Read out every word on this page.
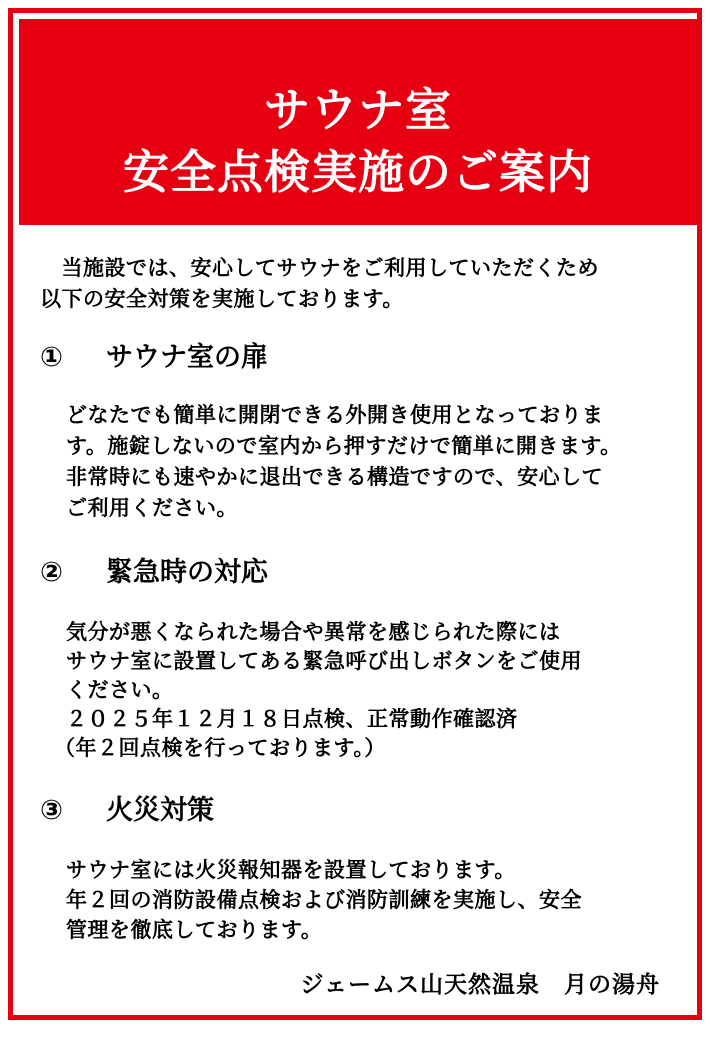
サウナ室
安全点検実施のご案内
　当施設では、安心してサウナをご利用していただくため
以下の安全対策を実施しております。
① サウナ室の扉
どなたでも簡単に開閉できる外開き使用となっておりま
す。施錠しないので室内から押すだけで簡単に開きます。
非常時にも速やかに退出できる構造ですので、安心して
ご利用ください。
② 緊急時の対応
気分が悪くなられた場合や異常を感じられた際には
サウナ室に設置してある緊急呼び出しボタンをご使用
ください。
２０２５年１２月１８日点検、正常動作確認済
（年２回点検を行っております。）
③ 火災対策
サウナ室には火災報知器を設置しております。
年２回の消防設備点検および消防訓練を実施し、安全
管理を徹底しております。
ジェームス山天然温泉　月の湯舟
